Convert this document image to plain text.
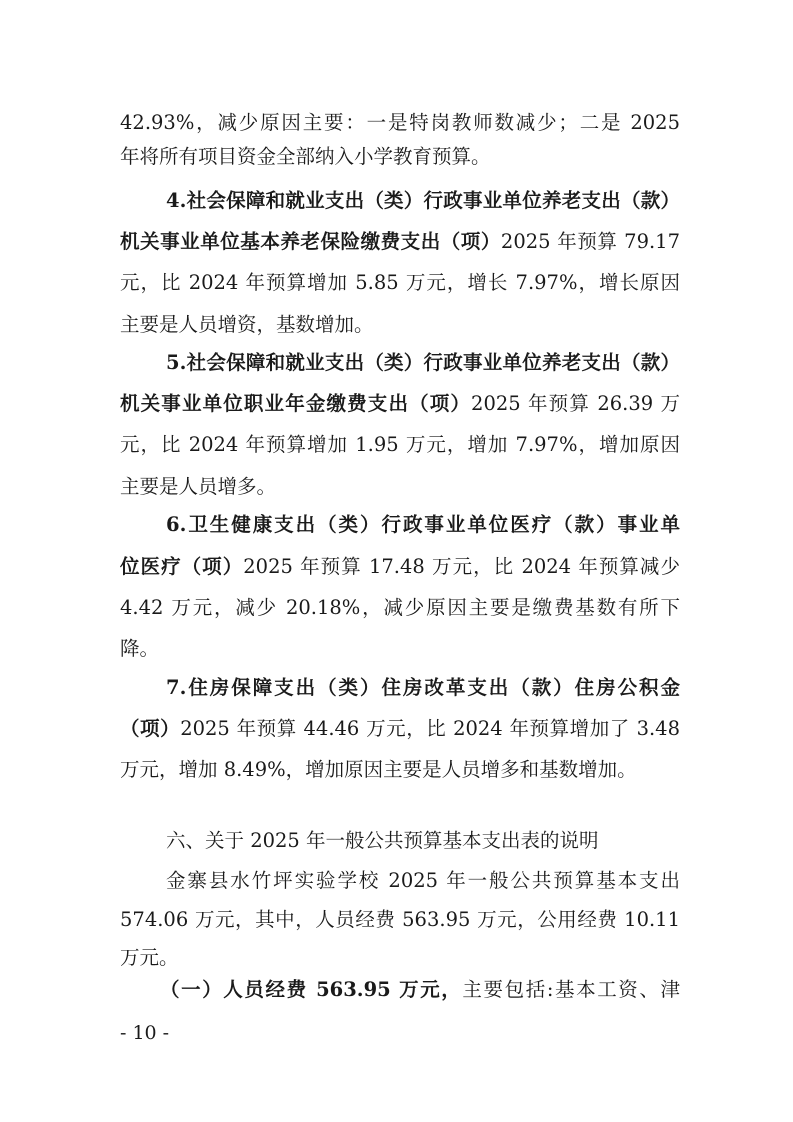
42.93%，减少原因主要：一是特岗教师数减少；二是 2025
年将所有项目资金全部纳入小学教育预算。
4.社会保障和就业支出（类）行政事业单位养老支出（款）
机关事业单位基本养老保险缴费支出（项）2025 年预算 79.17
元，比 2024 年预算增加 5.85 万元，增长 7.97%，增长原因
主要是人员增资，基数增加。
5.社会保障和就业支出（类）行政事业单位养老支出（款）
机关事业单位职业年金缴费支出（项）2025 年预算 26.39 万
元，比 2024 年预算增加 1.95 万元，增加 7.97%，增加原因
主要是人员增多。
6.卫生健康支出（类）行政事业单位医疗（款）事业单
位医疗（项）2025 年预算 17.48 万元，比 2024 年预算减少
4.42 万元，减少 20.18%，减少原因主要是缴费基数有所下
降。
7.住房保障支出（类）住房改革支出（款）住房公积金
（项）2025 年预算 44.46 万元，比 2024 年预算增加了 3.48
万元，增加 8.49%，增加原因主要是人员增多和基数增加。
六、关于 2025 年一般公共预算基本支出表的说明
金寨县水竹坪实验学校 2025 年一般公共预算基本支出
574.06 万元，其中，人员经费 563.95 万元，公用经费 10.11
万元。
（一）人员经费 563.95 万元，主要包括:基本工资、津
- 10 -
